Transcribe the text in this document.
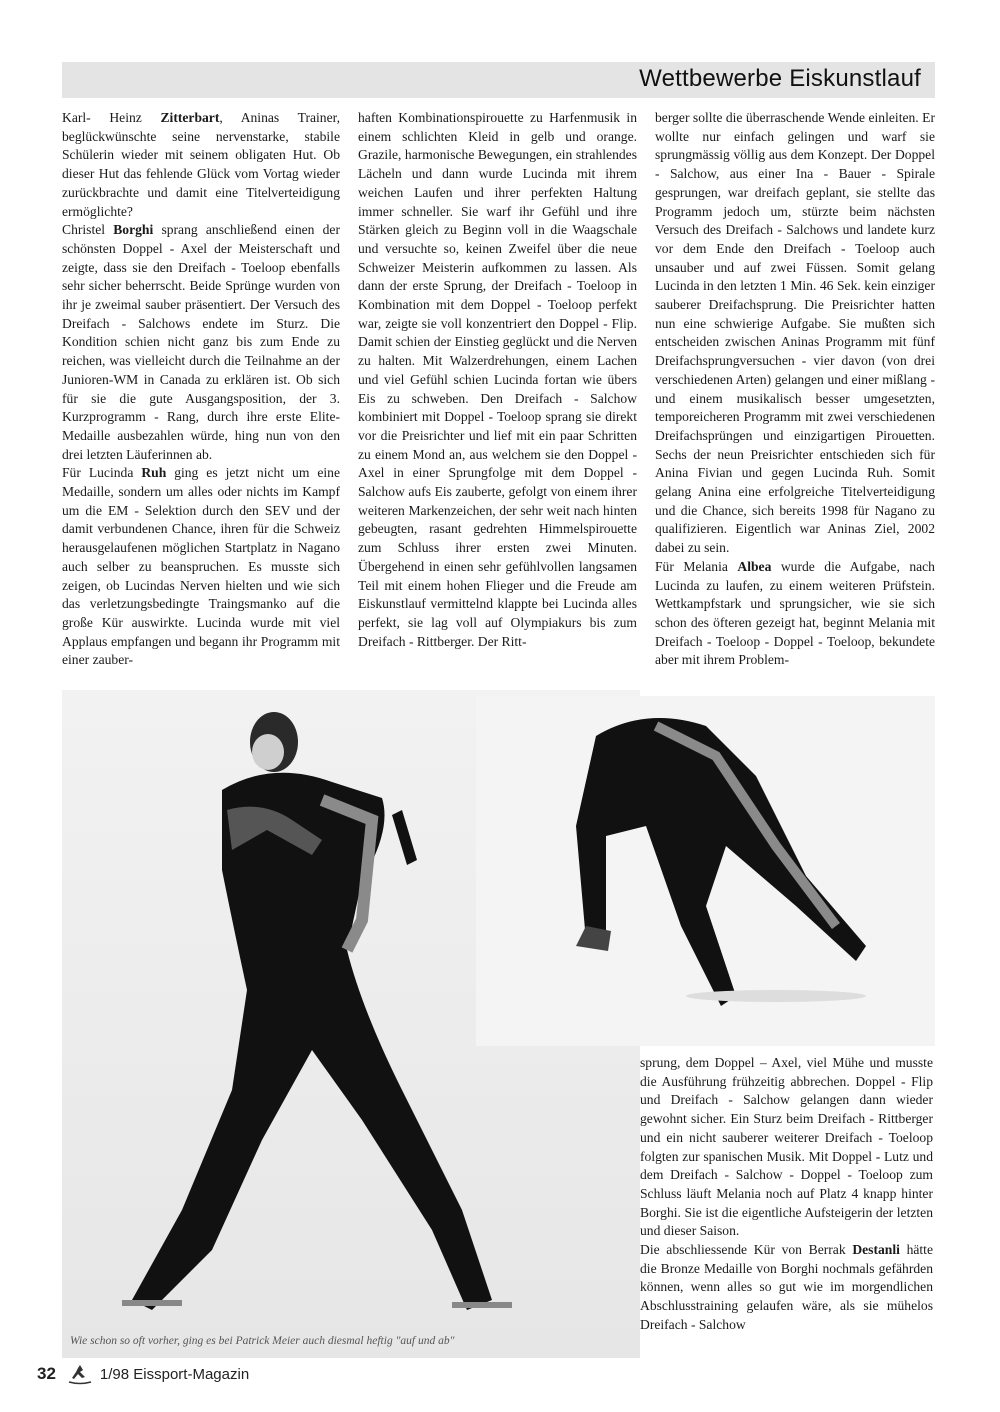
Wettbewerbe Eiskunstlauf

Karl- Heinz Zitterbart, Aninas Trainer, beglückwünschte seine nervenstarke, stabile Schülerin wieder mit seinem obligaten Hut. Ob dieser Hut das fehlende Glück vom Vortag wieder zurückbrachte und damit eine Titelverteidigung ermöglichte?

Christel Borghi sprang anschließend einen der schönsten Doppel - Axel der Meisterschaft und zeigte, dass sie den Dreifach - Toeloop ebenfalls sehr sicher beherrscht. Beide Sprünge wurden von ihr je zweimal sauber präsentiert. Der Versuch des Dreifach - Salchows endete im Sturz. Die Kondition schien nicht ganz bis zum Ende zu reichen, was vielleicht durch die Teilnahme an der Junioren-WM in Canada zu erklären ist. Ob sich für sie die gute Ausgangsposition, der 3. Kurzprogramm - Rang, durch ihre erste Elite-Medaille ausbezahlen würde, hing nun von den drei letzten Läuferinnen ab.

Für Lucinda Ruh ging es jetzt nicht um eine Medaille, sondern um alles oder nichts im Kampf um die EM - Selektion durch den SEV und der damit verbundenen Chance, ihren für die Schweiz herausgelaufenen möglichen Startplatz in Nagano auch selber zu beanspruchen. Es musste sich zeigen, ob Lucindas Nerven hielten und wie sich das verletzungsbedingte Traingsmanko auf die große Kür auswirkte. Lucinda wurde mit viel Applaus empfangen und begann ihr Programm mit einer zauber-

haften Kombinationspirouette zu Harfenmusik in einem schlichten Kleid in gelb und orange. Grazile, harmonische Bewegungen, ein strahlendes Lächeln und dann wurde Lucinda mit ihrem weichen Laufen und ihrer perfekten Haltung immer schneller. Sie warf ihr Gefühl und ihre Stärken gleich zu Beginn voll in die Waagschale und versuchte so, keinen Zweifel über die neue Schweizer Meisterin aufkommen zu lassen. Als dann der erste Sprung, der Dreifach - Toeloop in Kombination mit dem Doppel - Toeloop perfekt war, zeigte sie voll konzentriert den Doppel - Flip. Damit schien der Einstieg geglückt und die Nerven zu halten. Mit Walzerdrehungen, einem Lachen und viel Gefühl schien Lucinda fortan wie übers Eis zu schweben. Den Dreifach - Salchow kombiniert mit Doppel - Toeloop sprang sie direkt vor die Preisrichter und lief mit ein paar Schritten zu einem Mond an, aus welchem sie den Doppel - Axel in einer Sprungfolge mit dem Doppel - Salchow aufs Eis zauberte, gefolgt von einem ihrer weiteren Markenzeichen, der sehr weit nach hinten gebeugten, rasant gedrehten Himmelspirouette zum Schluss ihrer ersten zwei Minuten. Übergehend in einen sehr gefühlvollen langsamen Teil mit einem hohen Flieger und die Freude am Eiskunstlauf vermittelnd klappte bei Lucinda alles perfekt, sie lag voll auf Olympiakurs bis zum Dreifach - Rittberger. Der Ritt-

berger sollte die überraschende Wende einleiten. Er wollte nur einfach gelingen und warf sie sprungmässig völlig aus dem Konzept. Der Doppel - Salchow, aus einer Ina - Bauer - Spirale gesprungen, war dreifach geplant, sie stellte das Programm jedoch um, stürzte beim nächsten Versuch des Dreifach - Salchows und landete kurz vor dem Ende den Dreifach - Toeloop auch unsauber und auf zwei Füssen. Somit gelang Lucinda in den letzten 1 Min. 46 Sek. kein einziger sauberer Dreifachsprung. Die Preisrichter hatten nun eine schwierige Aufgabe. Sie mußten sich entscheiden zwischen Aninas Programm mit fünf Dreifachsprungversuchen - vier davon (von drei verschiedenen Arten) gelangen und einer mißlang - und einem musikalisch besser umgesetzten, temporeicheren Programm mit zwei verschiedenen Dreifachsprüngen und einzigartigen Pirouetten. Sechs der neun Preisrichter entschieden sich für Anina Fivian und gegen Lucinda Ruh. Somit gelang Anina eine erfolgreiche Titelverteidigung und die Chance, sich bereits 1998 für Nagano zu qualifizieren. Eigentlich war Aninas Ziel, 2002 dabei zu sein.

Für Melania Albea wurde die Aufgabe, nach Lucinda zu laufen, zu einem weiteren Prüfstein. Wettkampfstark und sprungsicher, wie sie sich schon des öfteren gezeigt hat, beginnt Melania mit Dreifach - Toeloop - Doppel - Toeloop, bekundete aber mit ihrem Problem-

sprung, dem Doppel – Axel, viel Mühe und musste die Ausführung frühzeitig abbrechen. Doppel - Flip und Dreifach - Salchow gelangen dann wieder gewohnt sicher. Ein Sturz beim Dreifach - Rittberger und ein nicht sauberer weiterer Dreifach - Toeloop folgten zur spanischen Musik. Mit Doppel - Lutz und dem Dreifach - Salchow - Doppel - Toeloop zum Schluss läuft Melania noch auf Platz 4 knapp hinter Borghi. Sie ist die eigentliche Aufsteigerin der letzten und dieser Saison.

Die abschliessende Kür von Berrak Destanli hätte die Bronze Medaille von Borghi nochmals gefährden können, wenn alles so gut wie im morgendlichen Abschlusstraining gelaufen wäre, als sie mühelos Dreifach - Salchow

Wie schon so oft vorher, ging es bei Patrick Meier auch diesmal heftig "auf und ab"
32	1/98 Eissport-Magazin
